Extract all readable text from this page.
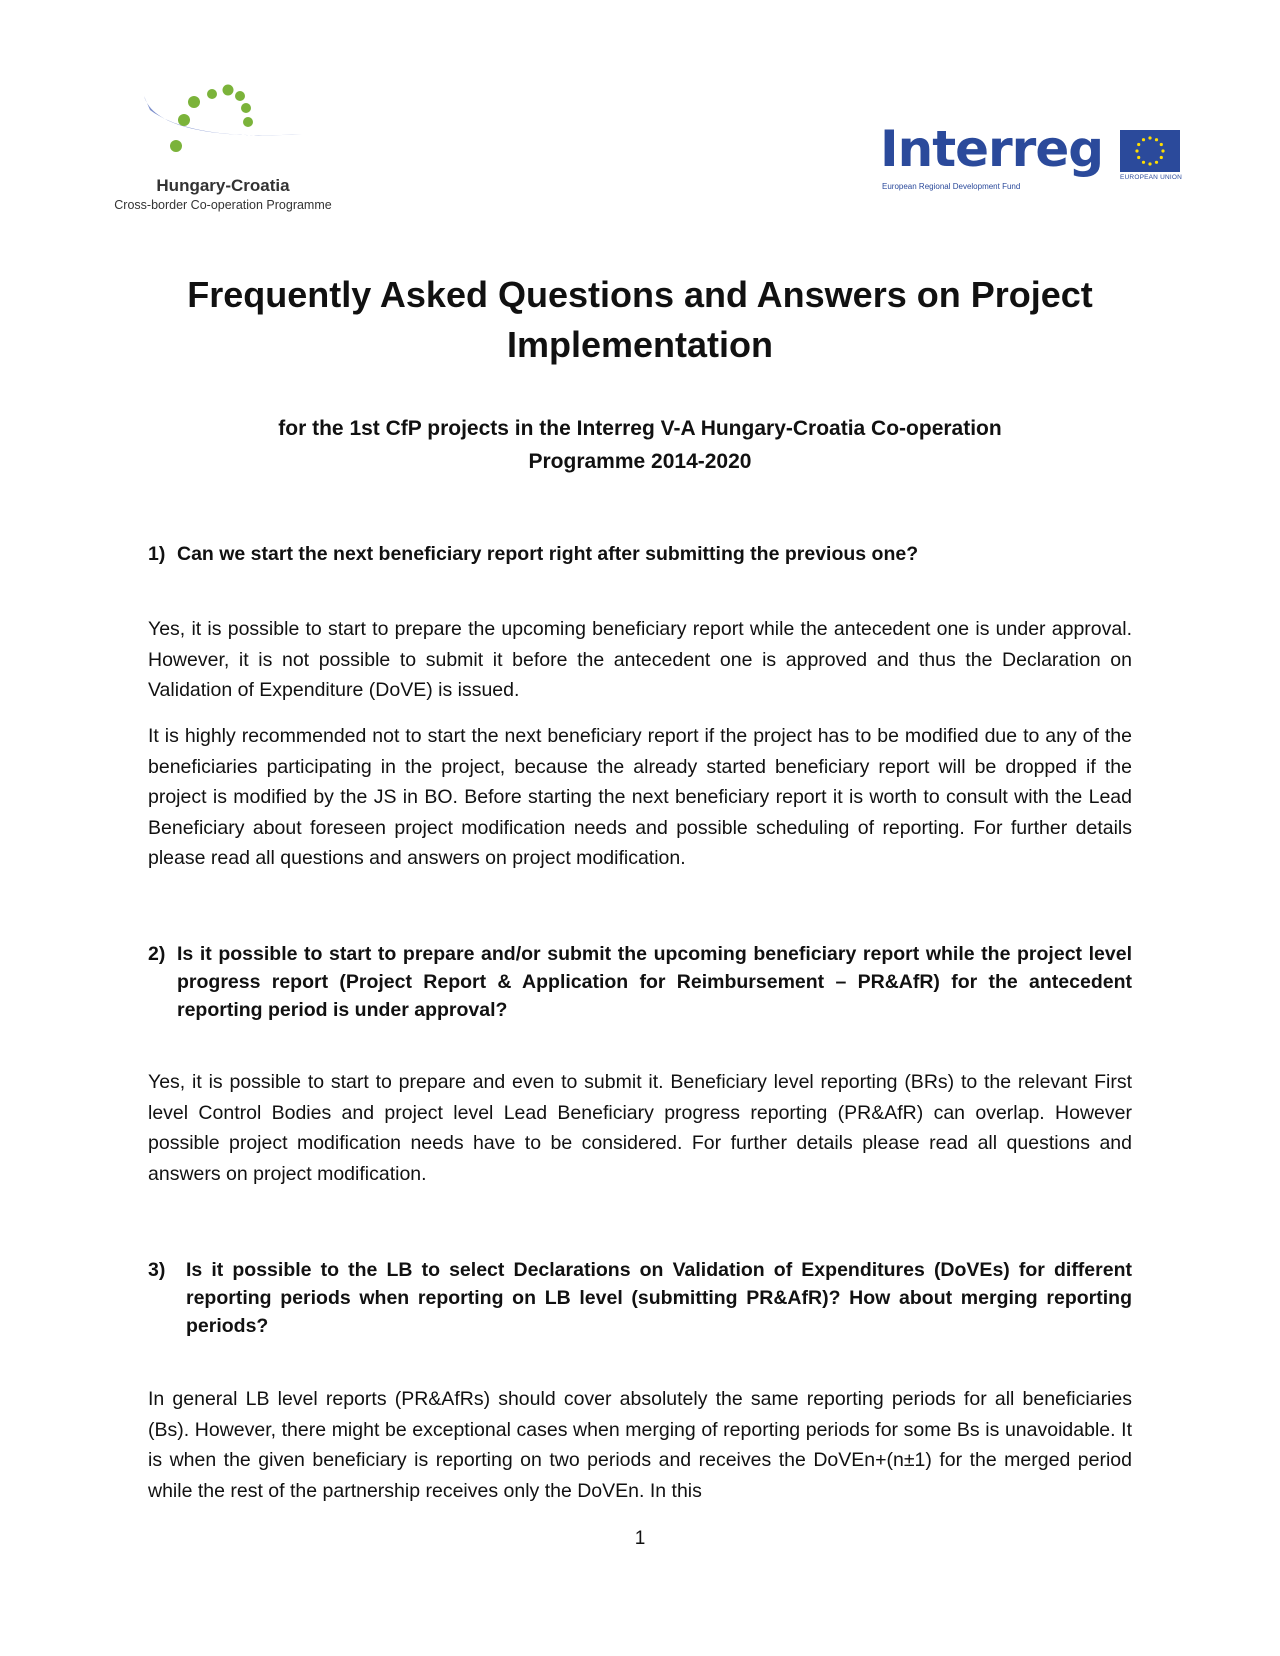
Hungary-Croatia
Cross-border Co-operation Programme
Interreg
European Regional Development Fund
EUROPEAN UNION
Frequently Asked Questions and Answers on Project Implementation
for the 1st CfP projects in the Interreg V-A Hungary-Croatia Co-operation Programme 2014-2020
1) Can we start the next beneficiary report right after submitting the previous one?

Yes, it is possible to start to prepare the upcoming beneficiary report while the antecedent one is under approval. However, it is not possible to submit it before the antecedent one is approved and thus the Declaration on Validation of Expenditure (DoVE) is issued.

It is highly recommended not to start the next beneficiary report if the project has to be modified due to any of the beneficiaries participating in the project, because the already started beneficiary report will be dropped if the project is modified by the JS in BO. Before starting the next beneficiary report it is worth to consult with the Lead Beneficiary about foreseen project modification needs and possible scheduling of reporting. For further details please read all questions and answers on project modification.

2) Is it possible to start to prepare and/or submit the upcoming beneficiary report while the project level progress report (Project Report & Application for Reimbursement – PR&AfR) for the antecedent reporting period is under approval?

Yes, it is possible to start to prepare and even to submit it. Beneficiary level reporting (BRs) to the relevant First level Control Bodies and project level Lead Beneficiary progress reporting (PR&AfR) can overlap. However possible project modification needs have to be considered. For further details please read all questions and answers on project modification.

3)	Is it possible to the LB to select Declarations on Validation of Expenditures (DoVEs) for different reporting periods when reporting on LB level (submitting PR&AfR)? How about merging reporting periods?

In general LB level reports (PR&AfRs) should cover absolutely the same reporting periods for all beneficiaries (Bs). However, there might be exceptional cases when merging of reporting periods for some Bs is unavoidable. It is when the given beneficiary is reporting on two periods and receives the DoVEn+(n±1) for the merged period while the rest of the partnership receives only the DoVEn. In this

1
